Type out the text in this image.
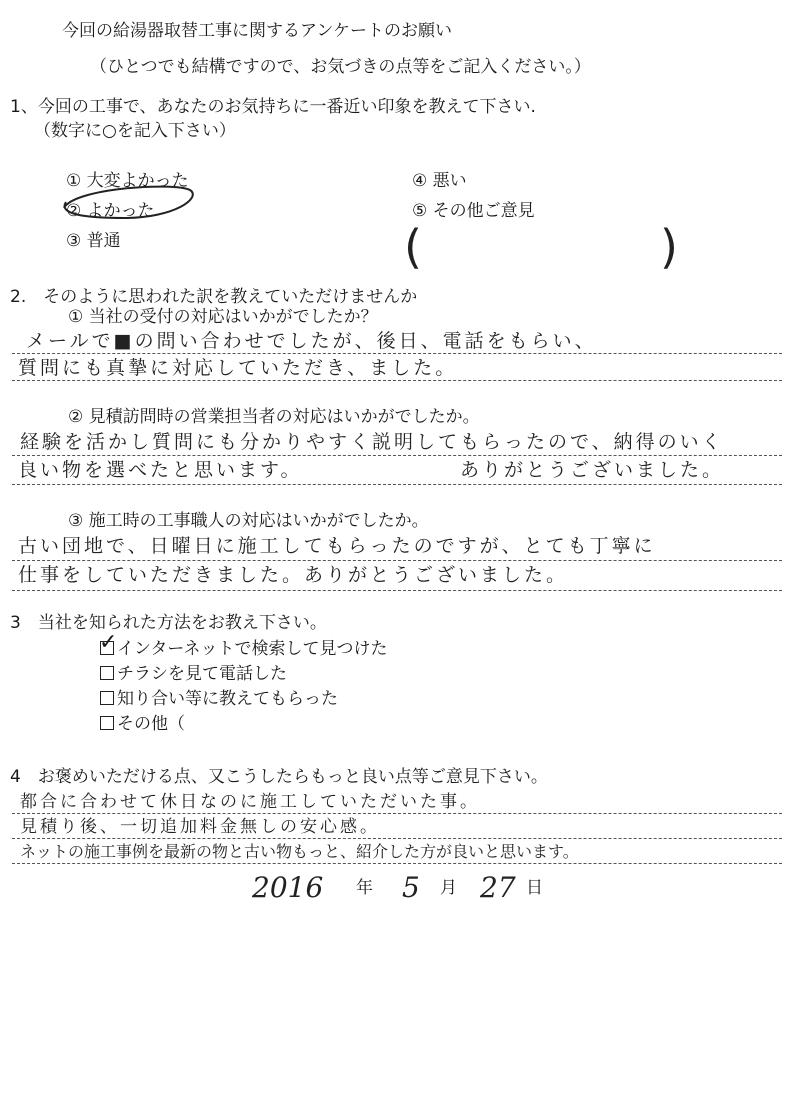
今回の給湯器取替工事に関するアンケートのお願い
（ひとつでも結構ですので、お気づきの点等をご記入ください。）
1、今回の工事で、あなたのお気持ちに一番近い印象を教えて下さい.
（数字に○を記入下さい）
① 大変よかった
② よかった
③ 普通
④ 悪い
⑤ その他ご意見
(	)
2.　そのように思われた訳を教えていただけませんか
① 当社の受付の対応はいかがでしたか？
メールで■の問い合わせでしたが、後日、電話をもらい、
質問にも真摯に対応していただき、ました。
② 見積訪問時の営業担当者の対応はいかがでしたか。
経験を活かし質問にも分かりやすく説明してもらったので、納得のいく
良い物を選べたと思います。	ありがとうございました。
③ 施工時の工事職人の対応はいかがでしたか。
古い団地で、日曜日に施工してもらったのですが、とても丁寧に
仕事をしていただきました。ありがとうございました。
3　当社を知られた方法をお教え下さい。
✓ インターネットで検索して見つけた
チラシを見て電話した
知り合い等に教えてもらった
その他（
4　お褒めいただける点、又こうしたらもっと良い点等ご意見下さい。
都合に合わせて休日なのに施工していただいた事。
見積り後、一切追加料金無しの安心感。
ネットの施工事例を最新の物と古い物もっと、紹介した方が良いと思います。
2016 年 5 月 27 日
